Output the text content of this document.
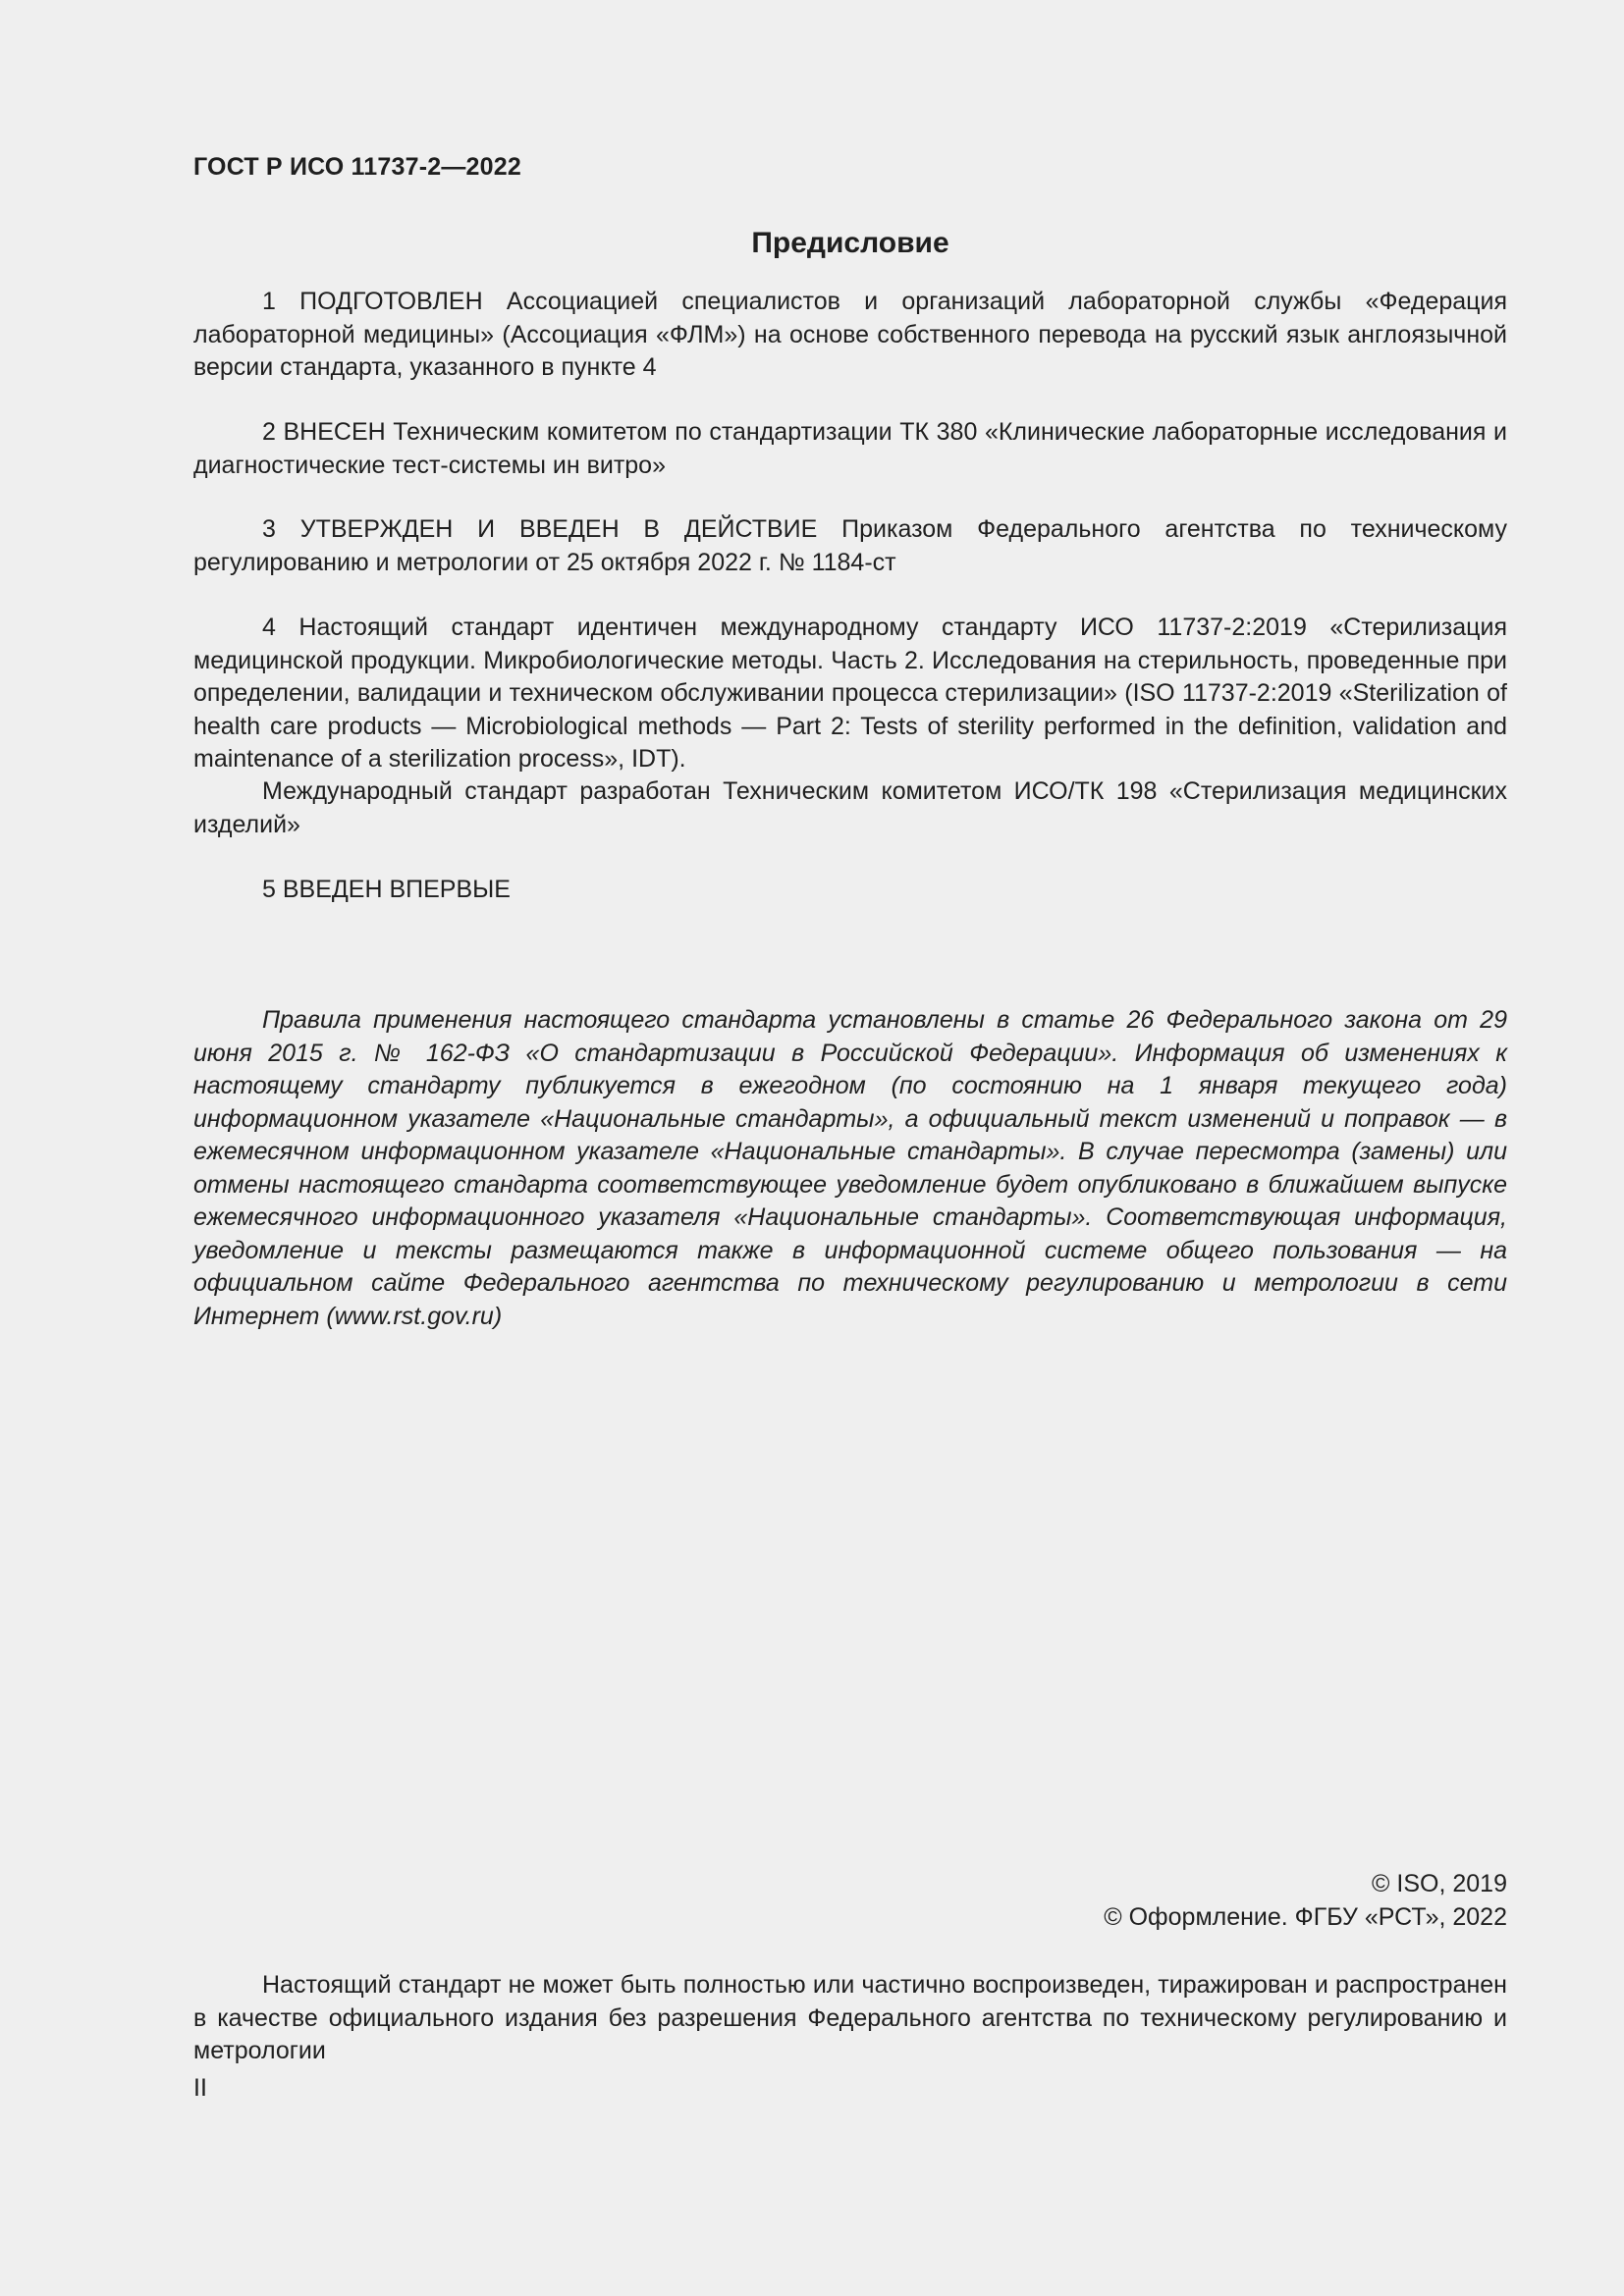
ГОСТ Р ИСО 11737-2—2022
Предисловие

1 ПОДГОТОВЛЕН Ассоциацией специалистов и организаций лабораторной службы «Федерация лабораторной медицины» (Ассоциация «ФЛМ») на основе собственного перевода на русский язык англоязычной версии стандарта, указанного в пункте 4

2 ВНЕСЕН Техническим комитетом по стандартизации ТК 380 «Клинические лабораторные исследования и диагностические тест-системы ин витро»

3 УТВЕРЖДЕН И ВВЕДЕН В ДЕЙСТВИЕ Приказом Федерального агентства по техническому регулированию и метрологии от 25 октября 2022 г. № 1184-ст

4 Настоящий стандарт идентичен международному стандарту ИСО 11737-2:2019 «Стерилизация медицинской продукции. Микробиологические методы. Часть 2. Исследования на стерильность, проведенные при определении, валидации и техническом обслуживании процесса стерилизации» (ISO 11737-2:2019 «Sterilization of health care products — Microbiological methods — Part 2: Tests of sterility performed in the definition, validation and maintenance of a sterilization process», IDT).

Международный стандарт разработан Техническим комитетом ИСО/ТК 198 «Стерилизация медицинских изделий»

5 ВВЕДЕН ВПЕРВЫЕ

Правила применения настоящего стандарта установлены в статье 26 Федерального закона от 29 июня 2015 г. № 162-ФЗ «О стандартизации в Российской Федерации». Информация об изменениях к настоящему стандарту публикуется в ежегодном (по состоянию на 1 января текущего года) информационном указателе «Национальные стандарты», а официальный текст изменений и поправок — в ежемесячном информационном указателе «Национальные стандарты». В случае пересмотра (замены) или отмены настоящего стандарта соответствующее уведомление будет опубликовано в ближайшем выпуске ежемесячного информационного указателя «Национальные стандарты». Соответствующая информация, уведомление и тексты размещаются также в информационной системе общего пользования — на официальном сайте Федерального агентства по техническому регулированию и метрологии в сети Интернет (www.rst.gov.ru)

© ISO, 2019
© Оформление. ФГБУ «РСТ», 2022

Настоящий стандарт не может быть полностью или частично воспроизведен, тиражирован и распространен в качестве официального издания без разрешения Федерального агентства по техническому регулированию и метрологии

II
